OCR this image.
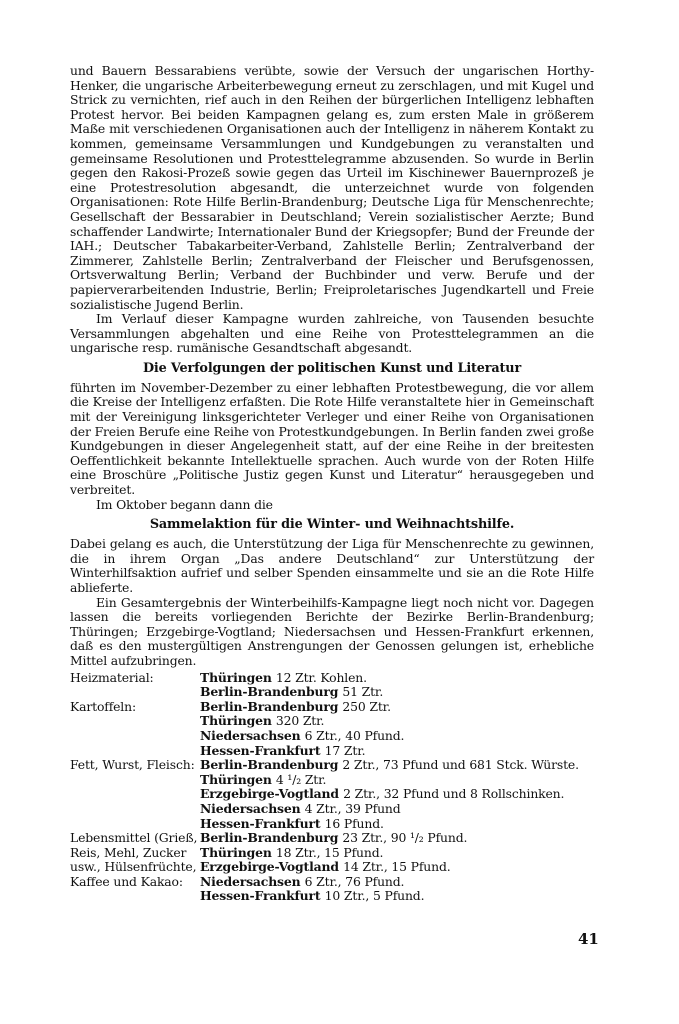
und Bauern Bessarabiens verübte, sowie der Versuch der ungarischen Horthy-Henker, die ungarische Arbeiterbewegung erneut zu zerschlagen, und mit Kugel und Strick zu vernichten, rief auch in den Reihen der bürgerlichen Intelligenz lebhaften Protest hervor. Bei beiden Kampagnen gelang es, zum ersten Male in größerem Maße mit verschiedenen Organisationen auch der Intelligenz in näherem Kontakt zu kommen, gemeinsame Versammlungen und Kundgebungen zu veranstalten und gemeinsame Resolutionen und Protesttelegramme abzusenden. So wurde in Berlin gegen den Rakosi-Prozeß sowie gegen das Urteil im Kischinewer Bauernprozeß je eine Protestresolution abgesandt, die unterzeichnet wurde von folgenden Organisationen: Rote Hilfe Berlin-Brandenburg; Deutsche Liga für Menschenrechte; Gesellschaft der Bessarabier in Deutschland; Verein sozialistischer Aerzte; Bund schaffender Landwirte; Internationaler Bund der Kriegsopfer; Bund der Freunde der IAH.; Deutscher Tabakarbeiter-Verband, Zahlstelle Berlin; Zentralverband der Zimmerer, Zahlstelle Berlin; Zentralverband der Fleischer und Berufsgenossen, Ortsverwaltung Berlin; Verband der Buchbinder und verw. Berufe und der papierverarbeitenden Industrie, Berlin; Freiproletarisches Jugendkartell und Freie sozialistische Jugend Berlin.

Im Verlauf dieser Kampagne wurden zahlreiche, von Tausenden besuchte Versammlungen abgehalten und eine Reihe von Protesttelegrammen an die ungarische resp. rumänische Gesandtschaft abgesandt.

Die Verfolgungen der politischen Kunst und Literatur

führten im November-Dezember zu einer lebhaften Protestbewegung, die vor allem die Kreise der Intelligenz erfaßten. Die Rote Hilfe veranstaltete hier in Gemeinschaft mit der Vereinigung linksgerichteter Verleger und einer Reihe von Organisationen der Freien Berufe eine Reihe von Protestkundgebungen. In Berlin fanden zwei große Kundgebungen in dieser Angelegenheit statt, auf der eine Reihe in der breitesten Oeffentlichkeit bekannte Intellektuelle sprachen. Auch wurde von der Roten Hilfe eine Broschüre „Politische Justiz gegen Kunst und Literatur“ herausgegeben und verbreitet.

Im Oktober begann dann die

Sammelaktion für die Winter- und Weihnachtshilfe.

Dabei gelang es auch, die Unterstützung der Liga für Menschenrechte zu gewinnen, die in ihrem Organ „Das andere Deutschland“ zur Unterstützung der Winterhilfsaktion aufrief und selber Spenden einsammelte und sie an die Rote Hilfe ablieferte.

Ein Gesamtergebnis der Winterbeihilfs-Kampagne liegt noch nicht vor. Dagegen lassen die bereits vorliegenden Berichte der Bezirke Berlin-Brandenburg; Thüringen; Erzgebirge-Vogtland; Niedersachsen und Hessen-Frankfurt erkennen, daß es den mustergültigen Anstrengungen der Genossen gelungen ist, erhebliche Mittel aufzubringen.

Heizmaterial:	Thüringen 12 Ztr. Kohlen.
Berlin-Brandenburg 51 Ztr.
Kartoffeln:	Berlin-Brandenburg 250 Ztr.
Thüringen 320 Ztr.
Niedersachsen 6 Ztr., 40 Pfund.
Hessen-Frankfurt 17 Ztr.
Fett, Wurst, Fleisch: Berlin-Brandenburg 2 Ztr., 73 Pfund und 681 Stck. Würste.
Thüringen 4 ¹/₂ Ztr.
Erzgebirge-Vogtland 2 Ztr., 32 Pfund und 8 Rollschinken.
Niedersachsen 4 Ztr., 39 Pfund
Hessen-Frankfurt 16 Pfund.
Lebensmittel (Grieß,
Reis, Mehl, Zucker
usw., Hülsenfrüchte,
Kaffee und Kakao:
Berlin-Brandenburg 23 Ztr., 90 ¹/₂ Pfund.
Thüringen 18 Ztr., 15 Pfund.
Erzgebirge-Vogtland 14 Ztr., 15 Pfund.
Niedersachsen 6 Ztr., 76 Pfund.
Hessen-Frankfurt 10 Ztr., 5 Pfund.
41
